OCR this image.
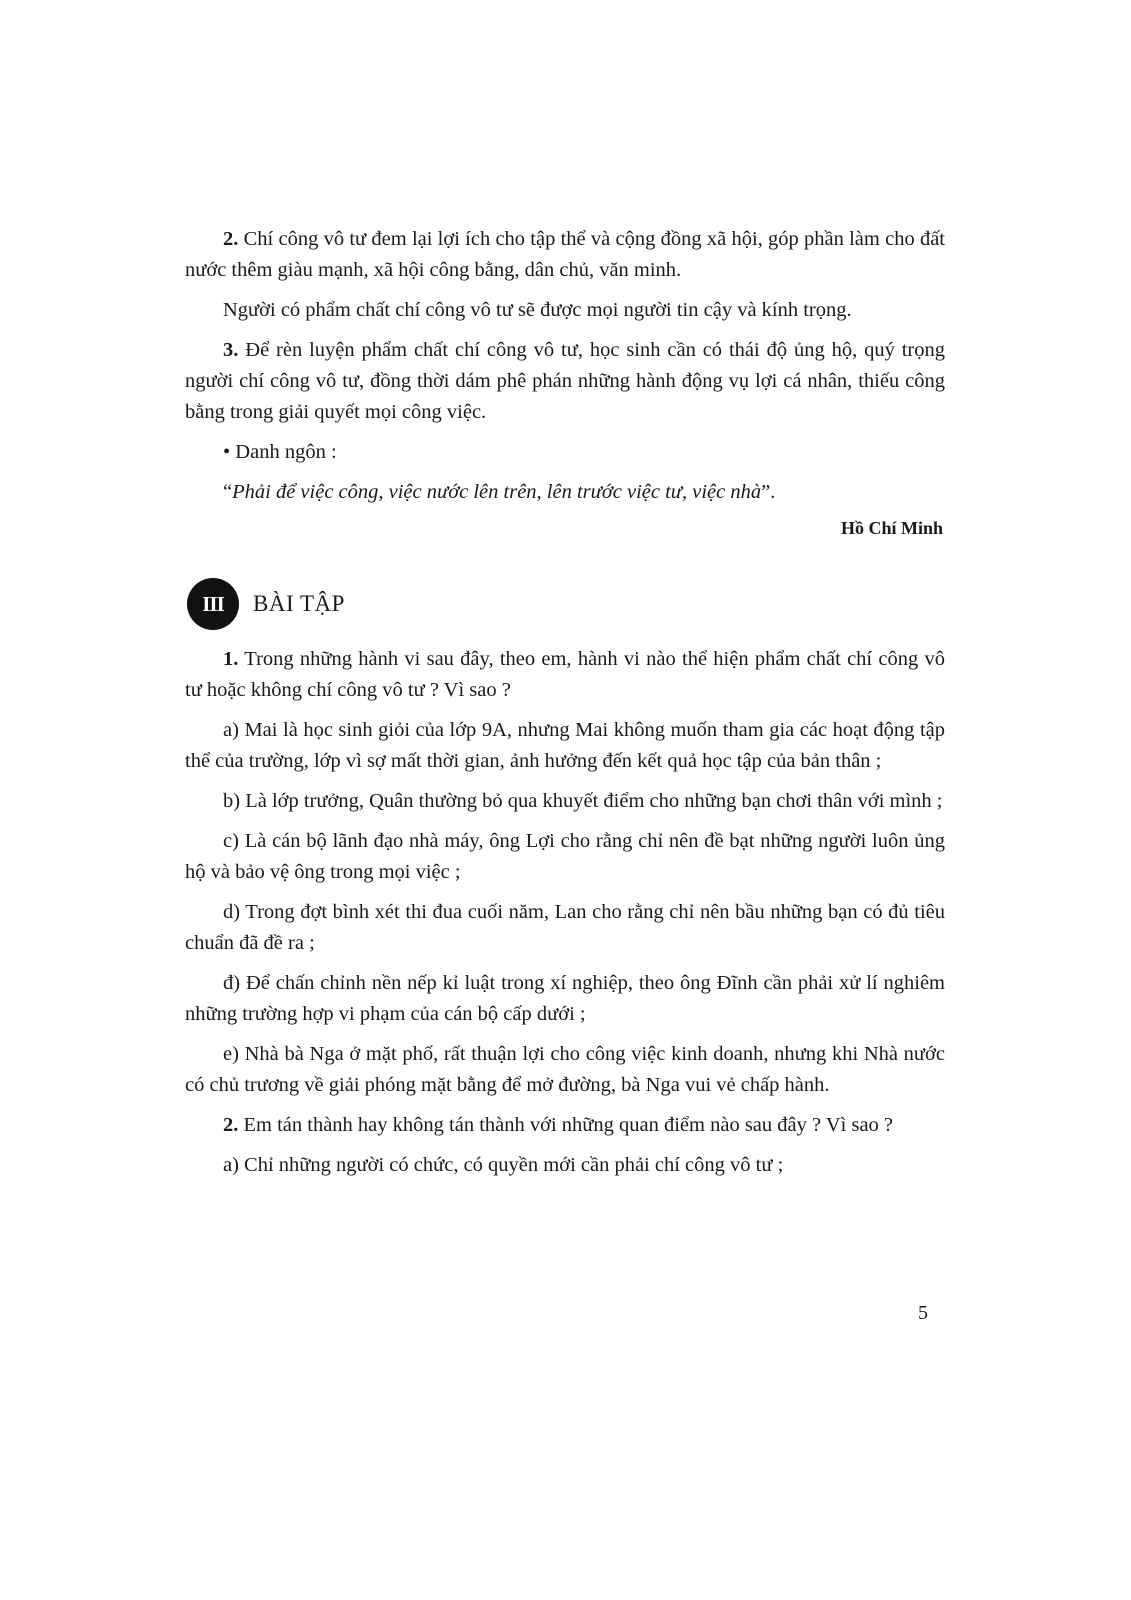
2. Chí công vô tư đem lại lợi ích cho tập thể và cộng đồng xã hội, góp phần làm cho đất nước thêm giàu mạnh, xã hội công bằng, dân chủ, văn minh.

Người có phẩm chất chí công vô tư sẽ được mọi người tin cậy và kính trọng.

3. Để rèn luyện phẩm chất chí công vô tư, học sinh cần có thái độ ủng hộ, quý trọng người chí công vô tư, đồng thời dám phê phán những hành động vụ lợi cá nhân, thiếu công bằng trong giải quyết mọi công việc.

• Danh ngôn :

“Phải để việc công, việc nước lên trên, lên trước việc tư, việc nhà”.

Hồ Chí Minh

III	BÀI TẬP

1. Trong những hành vi sau đây, theo em, hành vi nào thể hiện phẩm chất chí công vô tư hoặc không chí công vô tư ? Vì sao ?

a) Mai là học sinh giỏi của lớp 9A, nhưng Mai không muốn tham gia các hoạt động tập thể của trường, lớp vì sợ mất thời gian, ảnh hưởng đến kết quả học tập của bản thân ;

b) Là lớp trưởng, Quân thường bỏ qua khuyết điểm cho những bạn chơi thân với mình ;

c) Là cán bộ lãnh đạo nhà máy, ông Lợi cho rằng chỉ nên đề bạt những người luôn ủng hộ và bảo vệ ông trong mọi việc ;

d) Trong đợt bình xét thi đua cuối năm, Lan cho rằng chỉ nên bầu những bạn có đủ tiêu chuẩn đã đề ra ;

đ) Để chấn chỉnh nền nếp kỉ luật trong xí nghiệp, theo ông Đĩnh cần phải xử lí nghiêm những trường hợp vi phạm của cán bộ cấp dưới ;

e) Nhà bà Nga ở mặt phố, rất thuận lợi cho công việc kinh doanh, nhưng khi Nhà nước có chủ trương về giải phóng mặt bằng để mở đường, bà Nga vui vẻ chấp hành.

2. Em tán thành hay không tán thành với những quan điểm nào sau đây ? Vì sao ?

a) Chỉ những người có chức, có quyền mới cần phải chí công vô tư ;

5
